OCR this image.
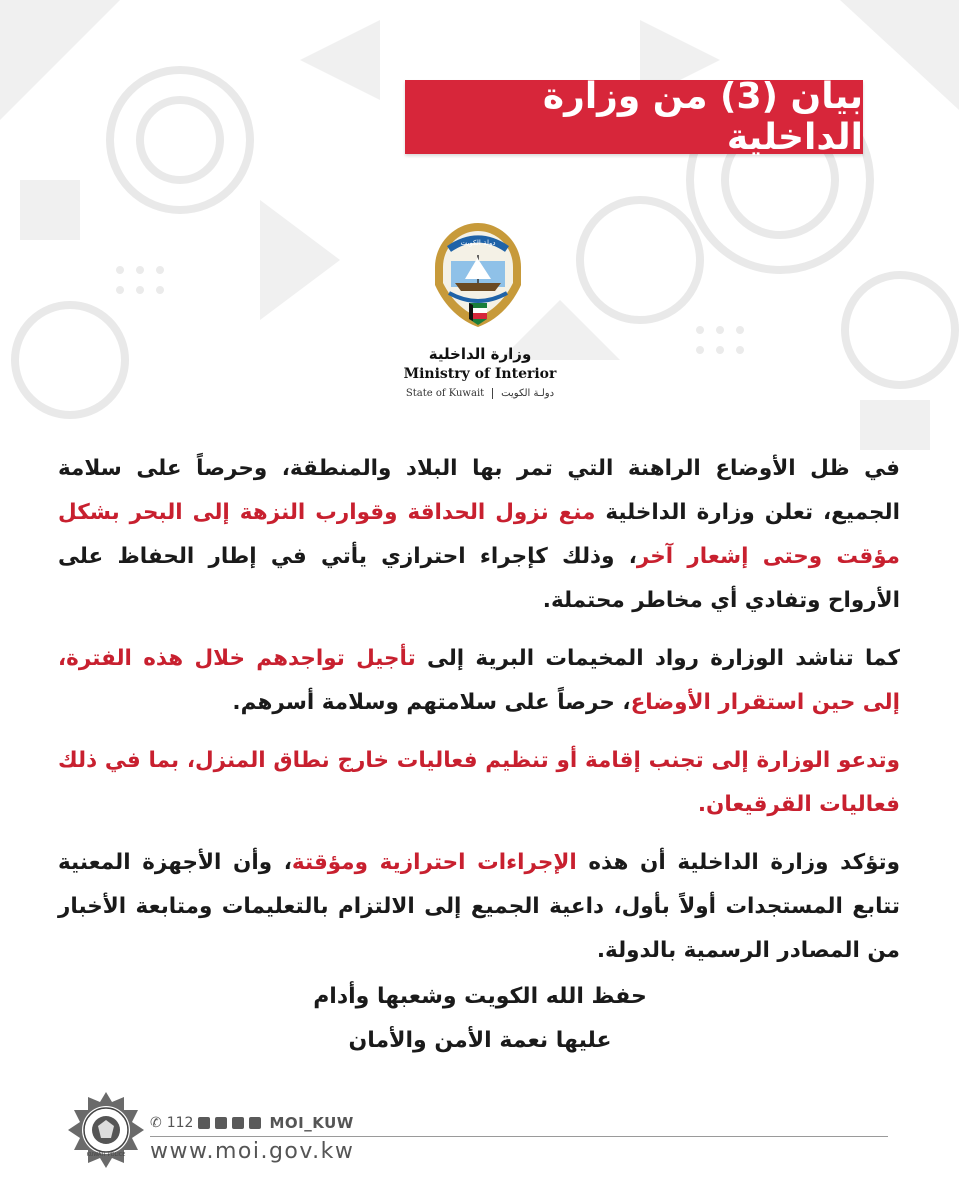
بيان (3) من وزارة الداخلية
دولة الكويت
وزارة الداخلية
Ministry of Interior
State of Kuwait دولـة الكويت

في ظل الأوضاع الراهنة التي تمر بها البلاد والمنطقة، وحرصاً على سلامة الجميع، تعلن وزارة الداخلية منع نزول الحداقة وقوارب النزهة إلى البحر بشكل مؤقت وحتى إشعار آخر، وذلك كإجراء احترازي يأتي في إطار الحفاظ على الأرواح وتفادي أي مخاطر محتملة.

كما تناشد الوزارة رواد المخيمات البرية إلى تأجيل تواجدهم خلال هذه الفترة، إلى حين استقرار الأوضاع، حرصاً على سلامتهم وسلامة أسرهم.

وتدعو الوزارة إلى تجنب إقامة أو تنظيم فعاليات خارج نطاق المنزل، بما في ذلك فعاليات القرقيعان.

وتؤكد وزارة الداخلية أن هذه الإجراءات احترازية ومؤقتة، وأن الأجهزة المعنية تتابع المستجدات أولاً بأول، داعية الجميع إلى الالتزام بالتعليمات ومتابعة الأخبار من المصادر الرسمية بالدولة.

حفظ الله الكويت وشعبها وأدام
عليها نعمة الأمن والأمان
KUWAIT POLICE
✆ 112	MOI_KUW
www.moi.gov.kw
